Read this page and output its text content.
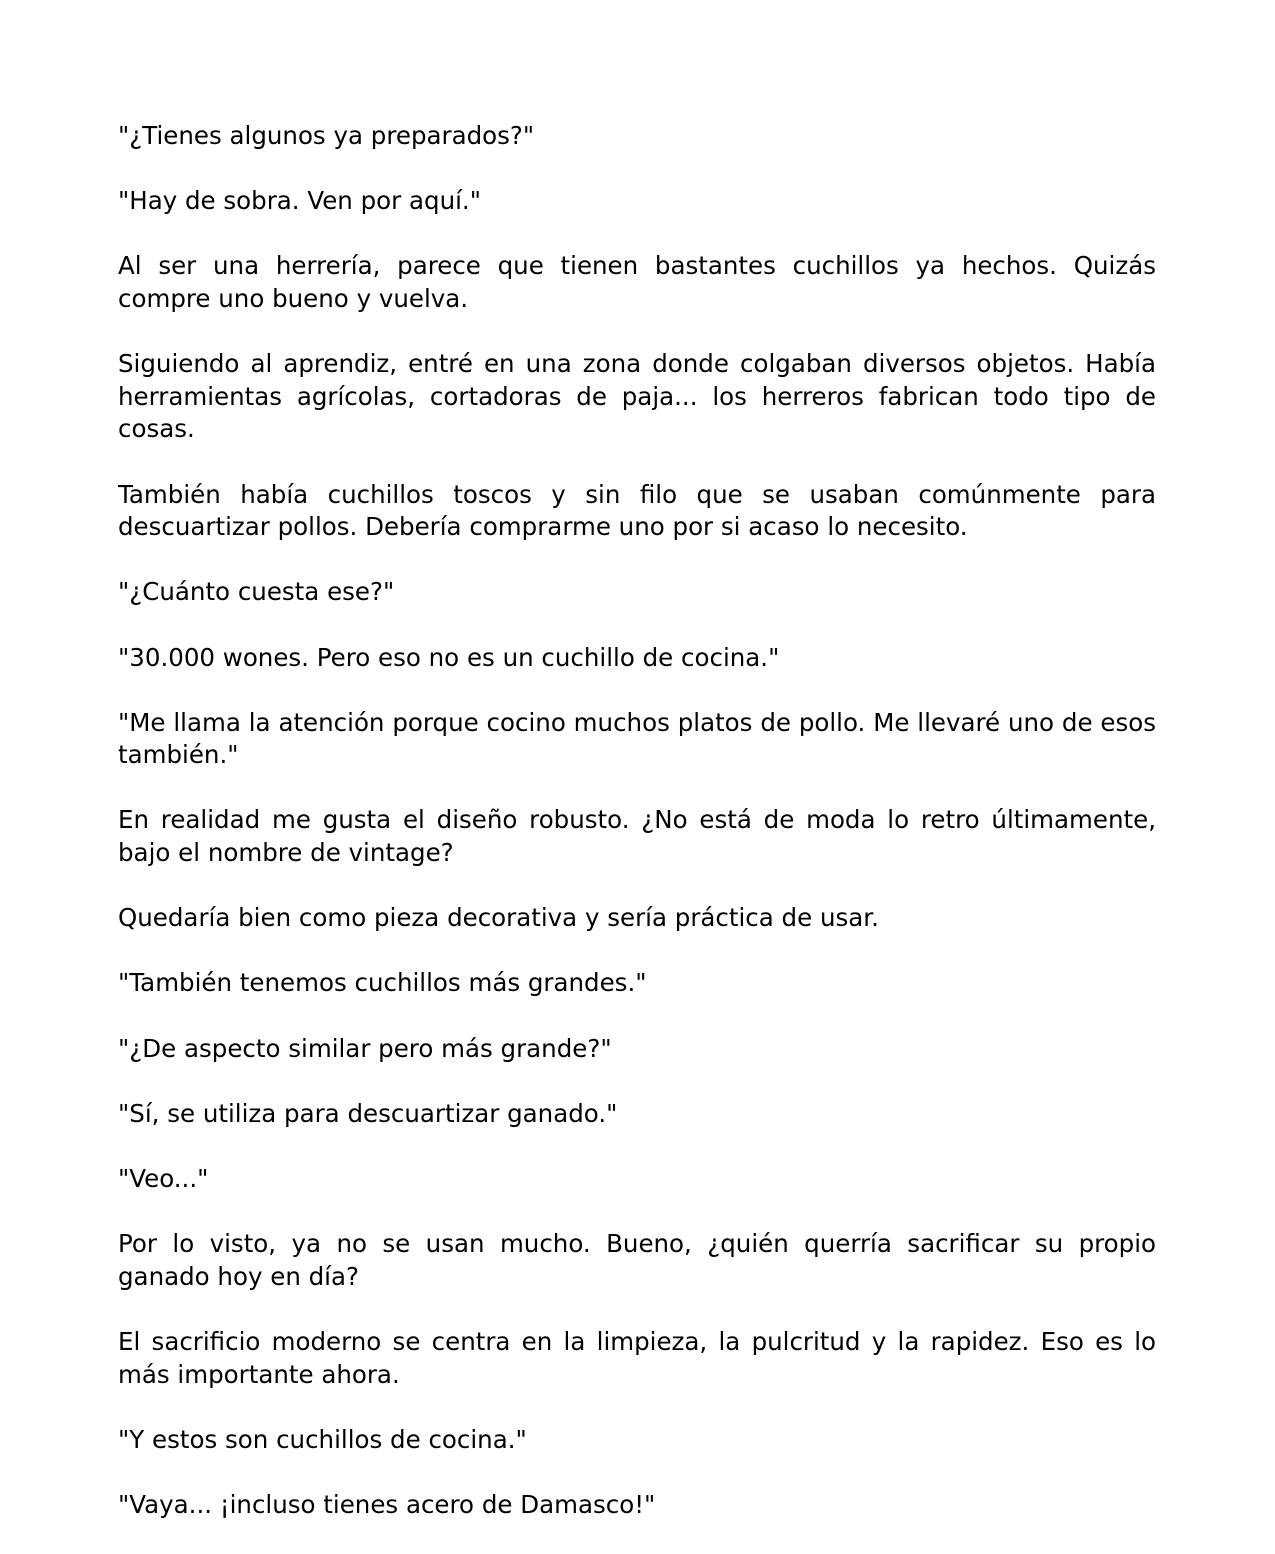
"¿Tienes algunos ya preparados?"

"Hay de sobra. Ven por aquí."

Al ser una herrería, parece que tienen bastantes cuchillos ya hechos. Quizás compre uno bueno y vuelva.

Siguiendo al aprendiz, entré en una zona donde colgaban diversos objetos. Había herramientas agrícolas, cortadoras de paja... los herreros fabrican todo tipo de cosas.

También había cuchillos toscos y sin filo que se usaban comúnmente para descuartizar pollos. Debería comprarme uno por si acaso lo necesito.

"¿Cuánto cuesta ese?"

"30.000 wones. Pero eso no es un cuchillo de cocina."

"Me llama la atención porque cocino muchos platos de pollo. Me llevaré uno de esos también."

En realidad me gusta el diseño robusto. ¿No está de moda lo retro últimamente, bajo el nombre de vintage?

Quedaría bien como pieza decorativa y sería práctica de usar.

"También tenemos cuchillos más grandes."

"¿De aspecto similar pero más grande?"

"Sí, se utiliza para descuartizar ganado."

"Veo..."

Por lo visto, ya no se usan mucho. Bueno, ¿quién querría sacrificar su propio ganado hoy en día?

El sacrificio moderno se centra en la limpieza, la pulcritud y la rapidez. Eso es lo más importante ahora.

"Y estos son cuchillos de cocina."

"Vaya... ¡incluso tienes acero de Damasco!"
